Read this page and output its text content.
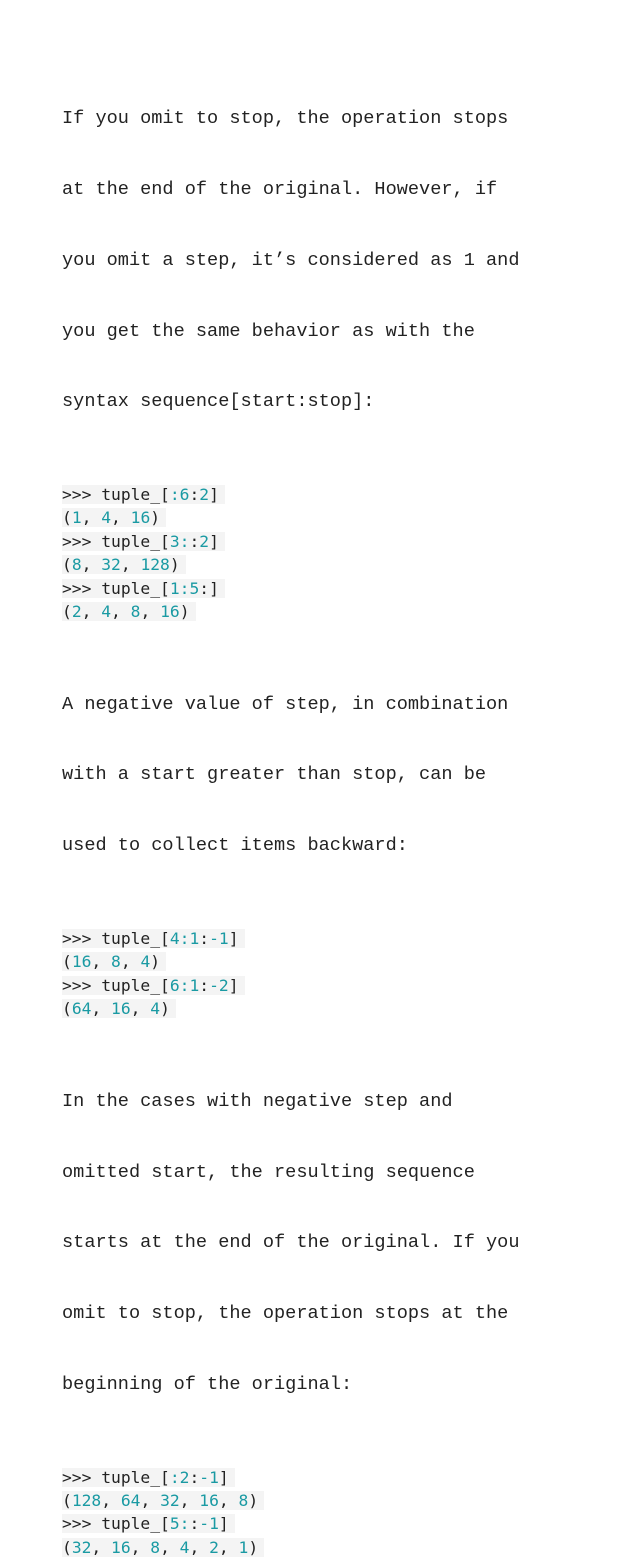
If you omit to stop, the operation stops

at the end of the original. However, if

you omit a step, it’s considered as 1 and

you get the same behavior as with the

syntax sequence[start:stop]:

>>> tuple_[:6:2]
(1, 4, 16)
>>> tuple_[3::2]
(8, 32, 128)
>>> tuple_[1:5:]
(2, 4, 8, 16)

A negative value of step, in combination

with a start greater than stop, can be

used to collect items backward:

>>> tuple_[4:1:-1]
(16, 8, 4)
>>> tuple_[6:1:-2]
(64, 16, 4)

In the cases with negative step and

omitted start, the resulting sequence

starts at the end of the original. If you

omit to stop, the operation stops at the

beginning of the original:

>>> tuple_[:2:-1]
(128, 64, 32, 16, 8)
>>> tuple_[5::-1]
(32, 16, 8, 4, 2, 1)
